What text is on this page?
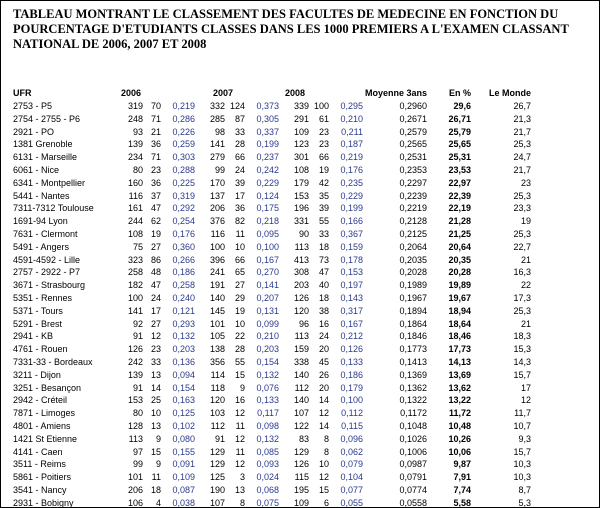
TABLEAU MONTRANT LE CLASSEMENT DES FACULTES DE MEDECINE EN FONCTION DU POURCENTAGE D'ETUDIANTS CLASSES DANS LES 1000 PREMIERS A L'EXAMEN CLASSANT NATIONAL DE 2006, 2007 ET 2008

UFR	2006			2007			2008			Moyenne 3ans	En %	Le Monde
2753 - P5	319	70	0,219	332	124	0,373	339	100	0,295	0,2960	29,6	26,7
2754 - 2755 - P6	248	71	0,286	285	87	0,305	291	61	0,210	0,2671	26,71	21,3
2921 - PO	93	21	0,226	98	33	0,337	109	23	0,211	0,2579	25,79	21,7
1381 Grenoble	139	36	0,259	141	28	0,199	123	23	0,187	0,2565	25,65	25,3
6131 - Marseille	234	71	0,303	279	66	0,237	301	66	0,219	0,2531	25,31	24,7
6061 - Nice	80	23	0,288	99	24	0,242	108	19	0,176	0,2353	23,53	21,7
6341 - Montpellier	160	36	0,225	170	39	0,229	179	42	0,235	0,2297	22,97	23
5441 - Nantes	116	37	0,319	137	17	0,124	153	35	0,229	0,2239	22,39	25,3
7311-7312 Toulouse	161	47	0,292	206	36	0,175	196	39	0,199	0,2219	22,19	23,3
1691-94 Lyon	244	62	0,254	376	82	0,218	331	55	0,166	0,2128	21,28	19
7631 - Clermont	108	19	0,176	116	11	0,095	90	33	0,367	0,2125	21,25	25,3
5491 - Angers	75	27	0,360	100	10	0,100	113	18	0,159	0,2064	20,64	22,7
4591-4592 - Lille	323	86	0,266	396	66	0,167	413	73	0,178	0,2035	20,35	21
2757 - 2922 - P7	258	48	0,186	241	65	0,270	308	47	0,153	0,2028	20,28	16,3
3671 - Strasbourg	182	47	0,258	191	27	0,141	203	40	0,197	0,1989	19,89	22
5351 - Rennes	100	24	0,240	140	29	0,207	126	18	0,143	0,1967	19,67	17,3
5371 - Tours	141	17	0,121	145	19	0,131	120	38	0,317	0,1894	18,94	25,3
5291 - Brest	92	27	0,293	101	10	0,099	96	16	0,167	0,1864	18,64	21
2941 - KB	91	12	0,132	105	22	0,210	113	24	0,212	0,1846	18,46	18,3
4761 - Rouen	126	23	0,203	138	28	0,203	159	20	0,126	0,1773	17,73	15,3
7331-33 - Bordeaux	242	33	0,136	356	55	0,154	338	45	0,133	0,1413	14,13	14,3
3211 - Dijon	139	13	0,094	114	15	0,132	140	26	0,186	0,1369	13,69	15,7
3251 - Besançon	91	14	0,154	118	9	0,076	112	20	0,179	0,1362	13,62	17
2942 - Créteil	153	25	0,163	120	16	0,133	140	14	0,100	0,1322	13,22	12
7871 - Limoges	80	10	0,125	103	12	0,117	107	12	0,112	0,1172	11,72	11,7
4801 - Amiens	128	13	0,102	112	11	0,098	122	14	0,115	0,1048	10,48	10,7
1421 St Etienne	113	9	0,080	91	12	0,132	83	8	0,096	0,1026	10,26	9,3
4141 - Caen	97	15	0,155	129	11	0,085	129	8	0,062	0,1006	10,06	15,7
3511 - Reims	99	9	0,091	129	12	0,093	126	10	0,079	0,0987	9,87	10,3
5861 - Poitiers	101	11	0,109	125	3	0,024	115	12	0,104	0,0791	7,91	10,3
3541 - Nancy	206	18	0,087	190	13	0,068	195	15	0,077	0,0774	7,74	8,7
2931 - Bobigny	106	4	0,038	107	8	0,075	109	6	0,055	0,0558	5,58	5,3
